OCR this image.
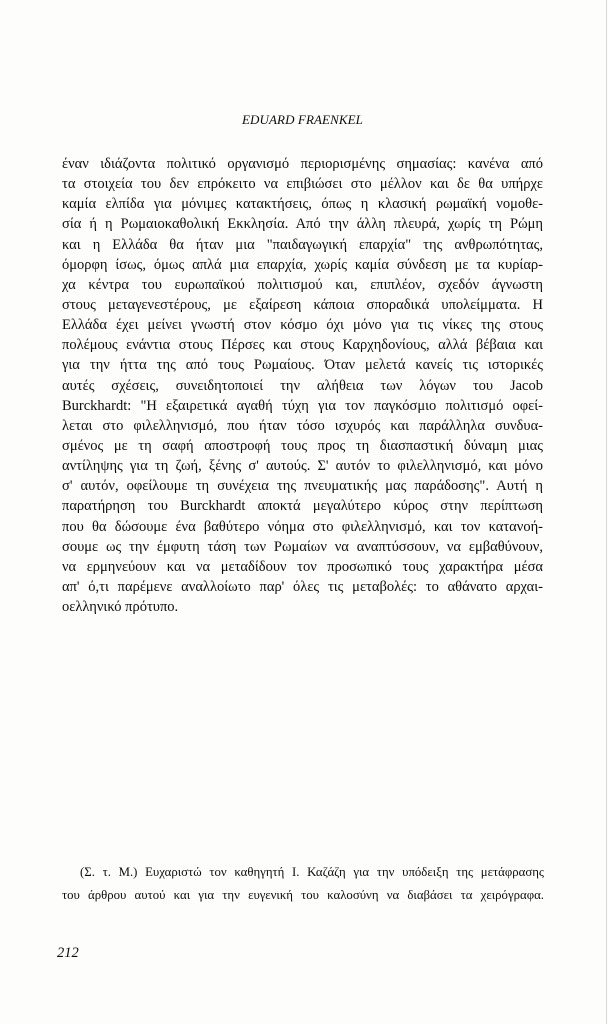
EDUARD FRAENKEL
έναν ιδιάζοντα πολιτικό οργανισμό περιορισμένης σημασίας: κανένα από
τα στοιχεία του δεν επρόκειτο να επιβιώσει στο μέλλον και δε θα υπήρχε
καμία ελπίδα για μόνιμες κατακτήσεις, όπως η κλασική ρωμαϊκή νομοθε-
σία ή η Ρωμαιοκαθολική Εκκλησία. Από την άλλη πλευρά, χωρίς τη Ρώμη
και η Ελλάδα θα ήταν μια "παιδαγωγική επαρχία" της ανθρωπότητας,
όμορφη ίσως, όμως απλά μια επαρχία, χωρίς καμία σύνδεση με τα κυρίαρ-
χα κέντρα του ευρωπαϊκού πολιτισμού και, επιπλέον, σχεδόν άγνωστη
στους μεταγενεστέρους, με εξαίρεση κάποια σποραδικά υπολείμματα. Η
Ελλάδα έχει μείνει γνωστή στον κόσμο όχι μόνο για τις νίκες της στους
πολέμους ενάντια στους Πέρσες και στους Καρχηδονίους, αλλά βέβαια και
για την ήττα της από τους Ρωμαίους. Όταν μελετά κανείς τις ιστορικές
αυτές σχέσεις, συνειδητοποιεί την αλήθεια των λόγων του Jacob
Burckhardt: "Η εξαιρετικά αγαθή τύχη για τον παγκόσμιο πολιτισμό οφεί-
λεται στο φιλελληνισμό, που ήταν τόσο ισχυρός και παράλληλα συνδυα-
σμένος με τη σαφή αποστροφή τους προς τη διασπαστική δύναμη μιας
αντίληψης για τη ζωή, ξένης σ' αυτούς. Σ' αυτόν το φιλελληνισμό, και μόνο
σ' αυτόν, οφείλουμε τη συνέχεια της πνευματικής μας παράδοσης". Αυτή η
παρατήρηση του Burckhardt αποκτά μεγαλύτερο κύρος στην περίπτωση
που θα δώσουμε ένα βαθύτερο νόημα στο φιλελληνισμό, και τον κατανοή-
σουμε ως την έμφυτη τάση των Ρωμαίων να αναπτύσσουν, να εμβαθύνουν,
να ερμηνεύουν και να μεταδίδουν τον προσωπικό τους χαρακτήρα μέσα
απ' ό,τι παρέμενε αναλλοίωτο παρ' όλες τις μεταβολές: το αθάνατο αρχαι-
οελληνικό πρότυπο.
(Σ. τ. Μ.) Ευχαριστώ τον καθηγητή Ι. Καζάζη για την υπόδειξη της μετάφρασης
του άρθρου αυτού και για την ευγενική του καλοσύνη να διαβάσει τα χειρόγραφα.
212
